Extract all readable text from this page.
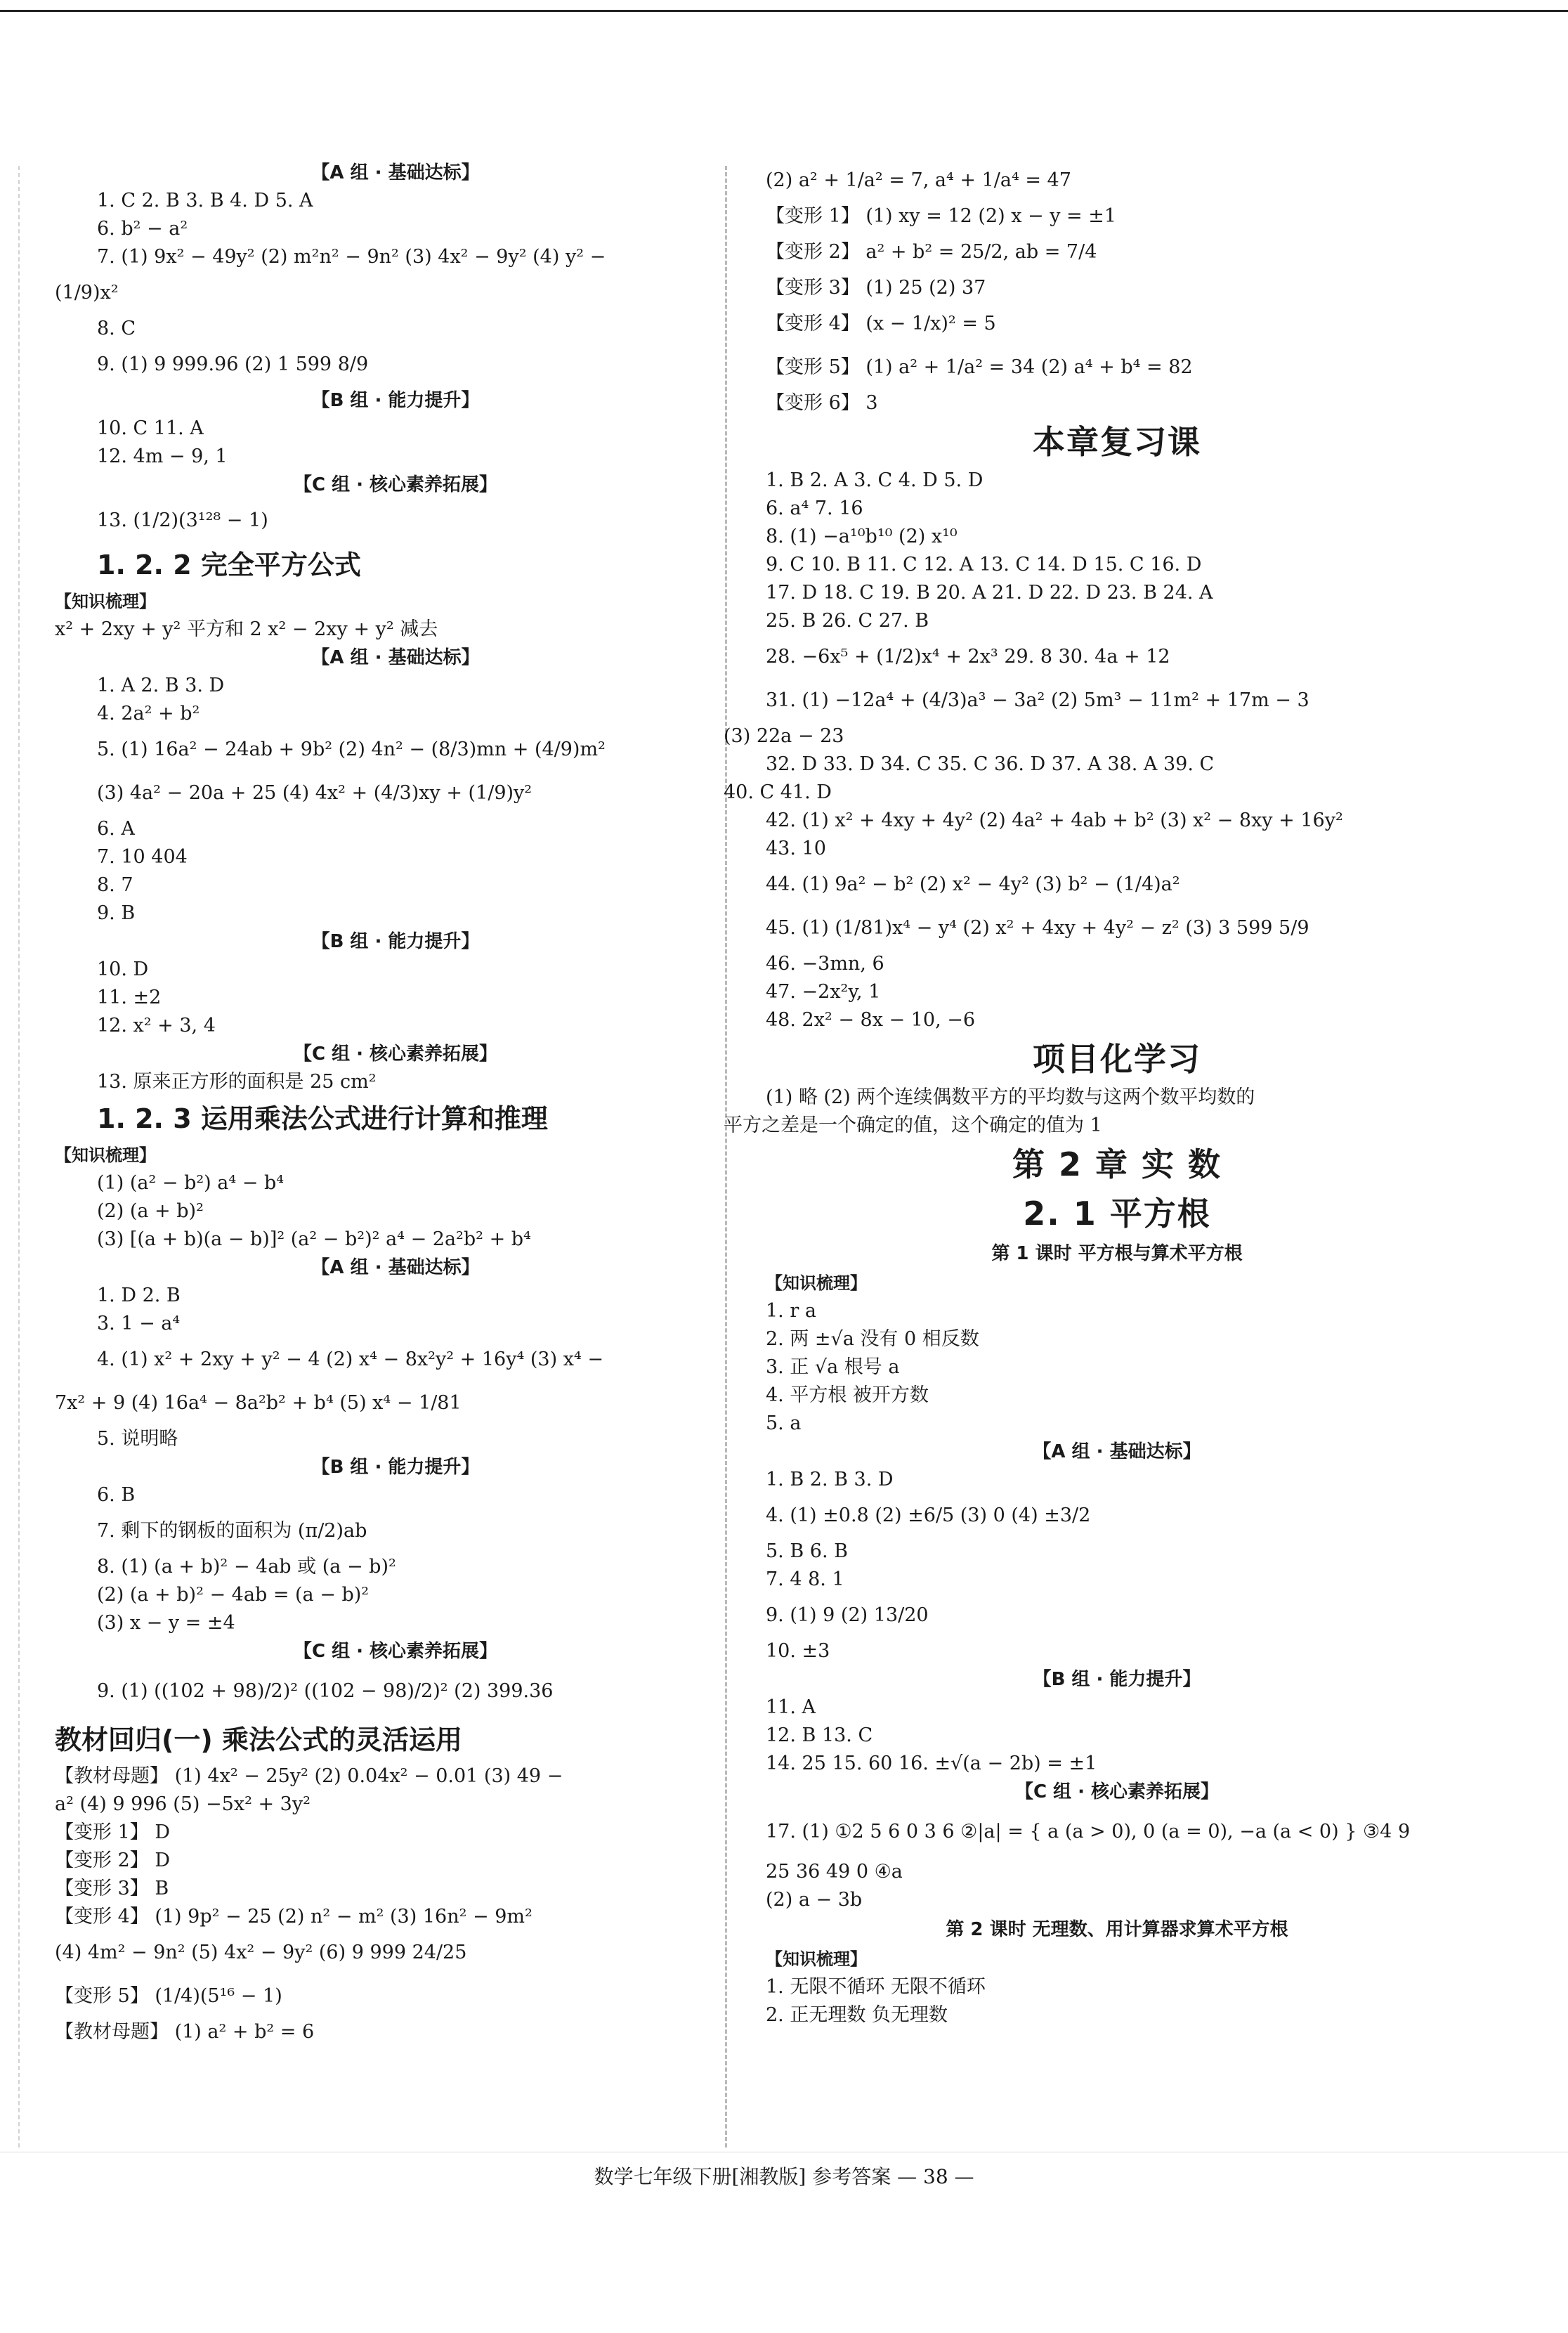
【A 组 · 基础达标】
1. C 2. B 3. B 4. D 5. A
6. b² − a²
7. (1) 9x² − 49y² (2) m²n² − 9n² (3) 4x² − 9y² (4) y² −
(1/9)x²
8. C
9. (1) 9 999.96 (2) 1 599 8/9
【B 组 · 能力提升】
10. C 11. A
12. 4m − 9, 1
【C 组 · 核心素养拓展】
13. (1/2)(3¹²⁸ − 1)
1. 2. 2 完全平方公式
【知识梳理】
x² + 2xy + y² 平方和 2 x² − 2xy + y² 减去
【A 组 · 基础达标】
1. A 2. B 3. D
4. 2a² + b²
5. (1) 16a² − 24ab + 9b² (2) 4n² − (8/3)mn + (4/9)m²
(3) 4a² − 20a + 25 (4) 4x² + (4/3)xy + (1/9)y²
6. A
7. 10 404
8. 7
9. B
【B 组 · 能力提升】
10. D
11. ±2
12. x² + 3, 4
【C 组 · 核心素养拓展】
13. 原来正方形的面积是 25 cm²
1. 2. 3 运用乘法公式进行计算和推理
【知识梳理】
(1) (a² − b²) a⁴ − b⁴
(2) (a + b)²
(3) [(a + b)(a − b)]² (a² − b²)² a⁴ − 2a²b² + b⁴
【A 组 · 基础达标】
1. D 2. B
3. 1 − a⁴
4. (1) x² + 2xy + y² − 4 (2) x⁴ − 8x²y² + 16y⁴ (3) x⁴ −
7x² + 9 (4) 16a⁴ − 8a²b² + b⁴ (5) x⁴ − 1/81
5. 说明略
【B 组 · 能力提升】
6. B
7. 剩下的钢板的面积为 (π/2)ab
8. (1) (a + b)² − 4ab 或 (a − b)²
(2) (a + b)² − 4ab = (a − b)²
(3) x − y = ±4
【C 组 · 核心素养拓展】
9. (1) ((102 + 98)/2)² ((102 − 98)/2)² (2) 399.36
教材回归(一) 乘法公式的灵活运用
【教材母题】 (1) 4x² − 25y² (2) 0.04x² − 0.01 (3) 49 −
a² (4) 9 996 (5) −5x² + 3y²
【变形 1】 D
【变形 2】 D
【变形 3】 B
【变形 4】 (1) 9p² − 25 (2) n² − m² (3) 16n² − 9m²
(4) 4m² − 9n² (5) 4x² − 9y² (6) 9 999 24/25
【变形 5】 (1/4)(5¹⁶ − 1)
【教材母题】 (1) a² + b² = 6
(2) a² + 1/a² = 7, a⁴ + 1/a⁴ = 47
【变形 1】 (1) xy = 12 (2) x − y = ±1
【变形 2】 a² + b² = 25/2, ab = 7/4
【变形 3】 (1) 25 (2) 37
【变形 4】 (x − 1/x)² = 5
【变形 5】 (1) a² + 1/a² = 34 (2) a⁴ + b⁴ = 82
【变形 6】 3
本章复习课
1. B 2. A 3. C 4. D 5. D
6. a⁴ 7. 16
8. (1) −a¹⁰b¹⁰ (2) x¹⁰
9. C 10. B 11. C 12. A 13. C 14. D 15. C 16. D
17. D 18. C 19. B 20. A 21. D 22. D 23. B 24. A
25. B 26. C 27. B
28. −6x⁵ + (1/2)x⁴ + 2x³ 29. 8 30. 4a + 12
31. (1) −12a⁴ + (4/3)a³ − 3a² (2) 5m³ − 11m² + 17m − 3
(3) 22a − 23
32. D 33. D 34. C 35. C 36. D 37. A 38. A 39. C
40. C 41. D
42. (1) x² + 4xy + 4y² (2) 4a² + 4ab + b² (3) x² − 8xy + 16y²
43. 10
44. (1) 9a² − b² (2) x² − 4y² (3) b² − (1/4)a²
45. (1) (1/81)x⁴ − y⁴ (2) x² + 4xy + 4y² − z² (3) 3 599 5/9
46. −3mn, 6
47. −2x²y, 1
48. 2x² − 8x − 10, −6
项目化学习
(1) 略 (2) 两个连续偶数平方的平均数与这两个数平均数的
平方之差是一个确定的值，这个确定的值为 1
第 2 章 实 数
2. 1 平方根
第 1 课时 平方根与算术平方根
【知识梳理】
1. r a
2. 两 ±√a 没有 0 相反数
3. 正 √a 根号 a
4. 平方根 被开方数
5. a
【A 组 · 基础达标】
1. B 2. B 3. D
4. (1) ±0.8 (2) ±6/5 (3) 0 (4) ±3/2
5. B 6. B
7. 4 8. 1
9. (1) 9 (2) 13/20
10. ±3
【B 组 · 能力提升】
11. A
12. B 13. C
14. 25 15. 60 16. ±√(a − 2b) = ±1
【C 组 · 核心素养拓展】
17. (1) ①2 5 6 0 3 6 ②|a| = { a (a > 0), 0 (a = 0), −a (a < 0) } ③4 9
25 36 49 0 ④a
(2) a − 3b
第 2 课时 无理数、用计算器求算术平方根
【知识梳理】
1. 无限不循环 无限不循环
2. 正无理数 负无理数
数学七年级下册[湘教版] 参考答案 — 38 —
